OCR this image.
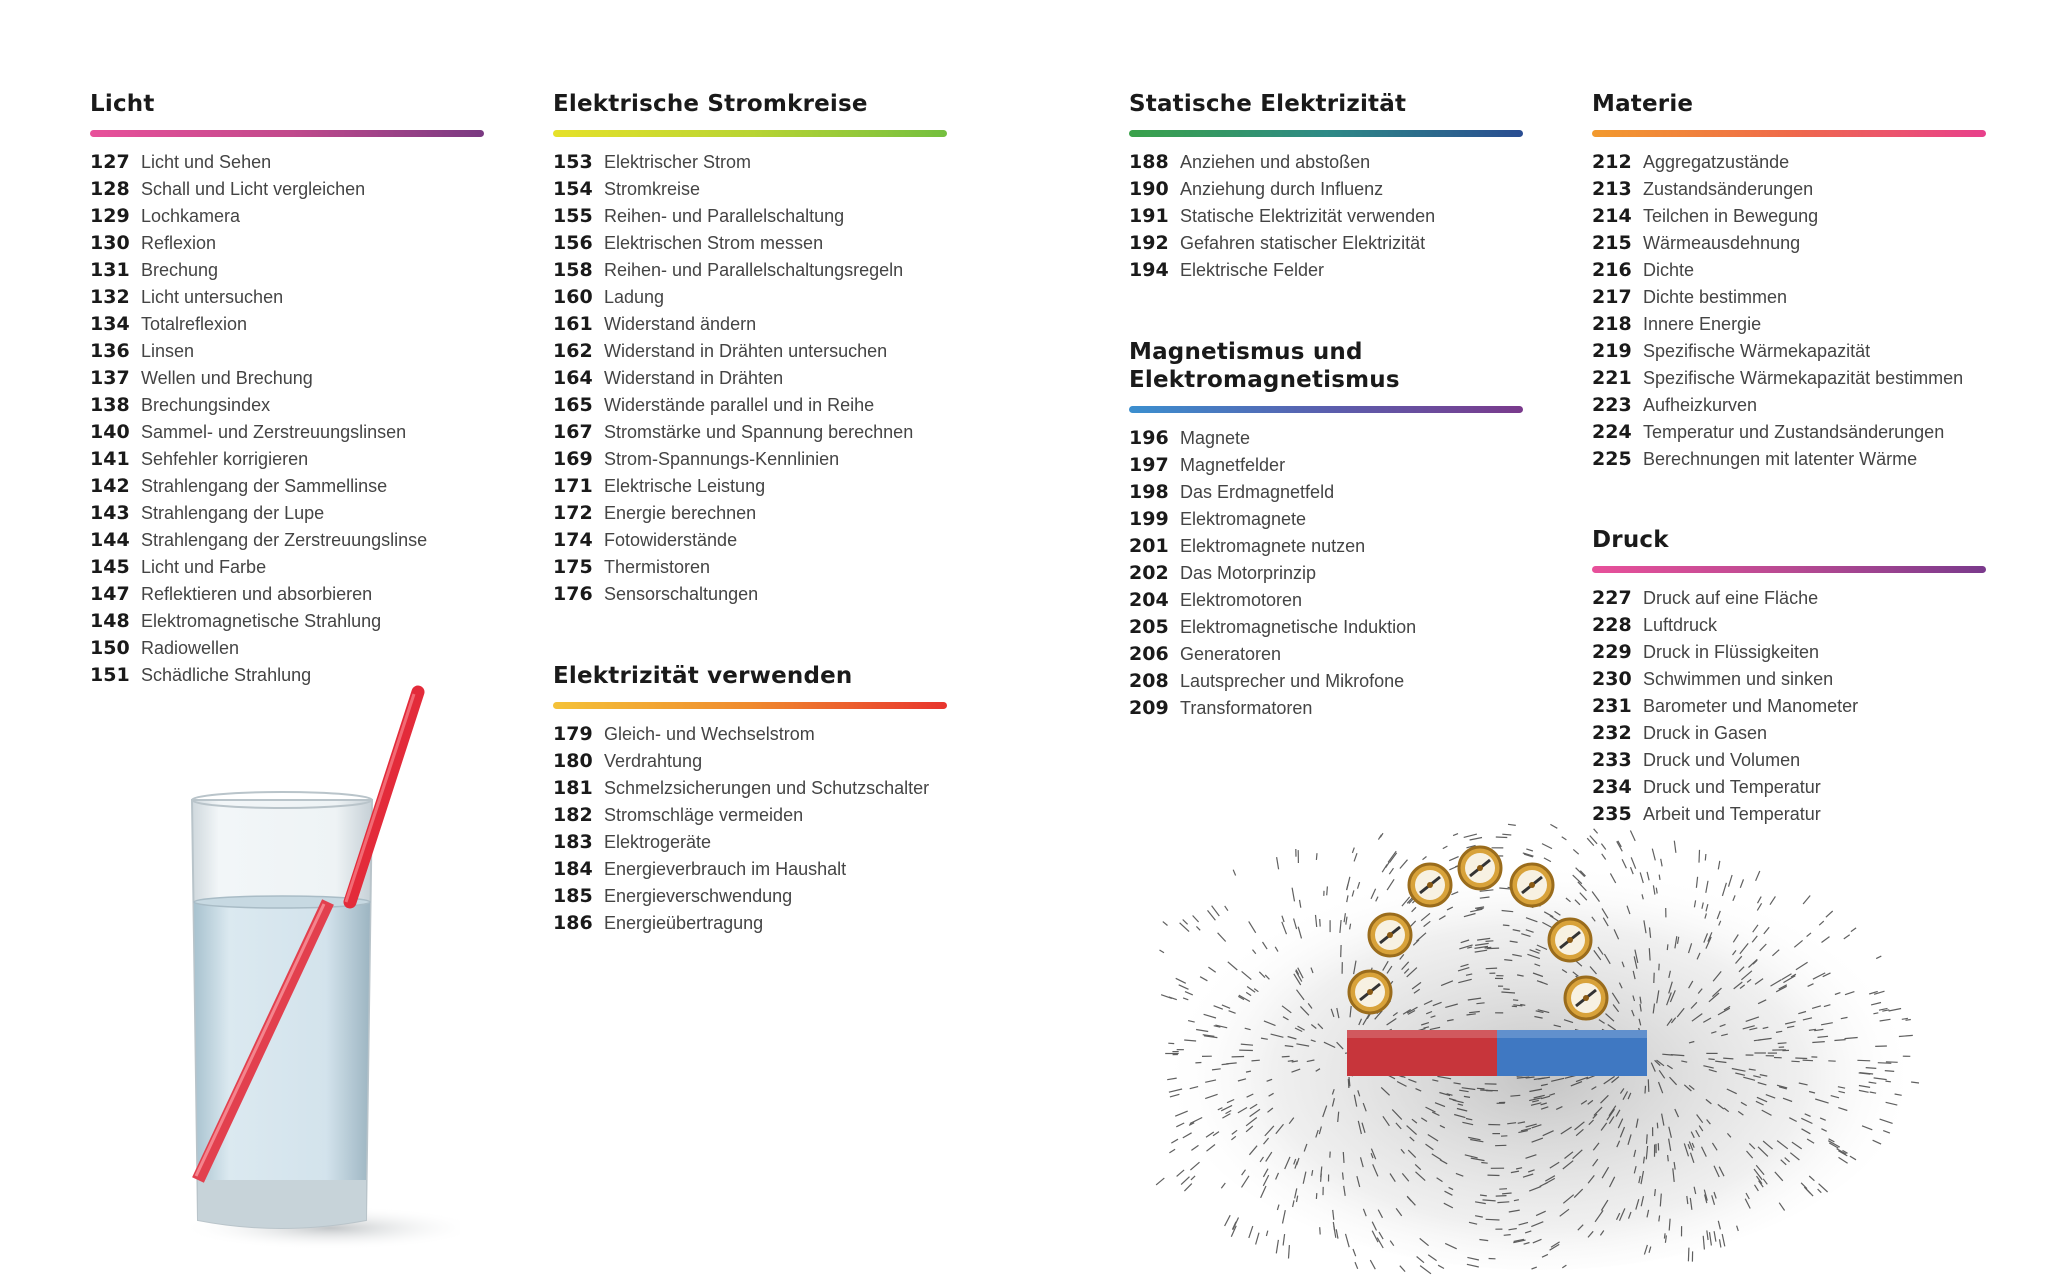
Licht
127 Licht und Sehen
128 Schall und Licht vergleichen
129 Lochkamera
130 Reflexion
131 Brechung
132 Licht untersuchen
134 Totalreflexion
136 Linsen
137 Wellen und Brechung
138 Brechungsindex
140 Sammel- und Zerstreuungslinsen
141 Sehfehler korrigieren
142 Strahlengang der Sammellinse
143 Strahlengang der Lupe
144 Strahlengang der Zerstreuungslinse
145 Licht und Farbe
147 Reflektieren und absorbieren
148 Elektromagnetische Strahlung
150 Radiowellen
151 Schädliche Strahlung
Elektrische Stromkreise
153 Elektrischer Strom
154 Stromkreise
155 Reihen- und Parallelschaltung
156 Elektrischen Strom messen
158 Reihen- und Parallelschaltungsregeln
160 Ladung
161 Widerstand ändern
162 Widerstand in Drähten untersuchen
164 Widerstand in Drähten
165 Widerstände parallel und in Reihe
167 Stromstärke und Spannung berechnen
169 Strom-Spannungs-Kennlinien
171 Elektrische Leistung
172 Energie berechnen
174 Fotowiderstände
175 Thermistoren
176 Sensorschaltungen
Elektrizität verwenden
179 Gleich- und Wechselstrom
180 Verdrahtung
181 Schmelzsicherungen und Schutzschalter
182 Stromschläge vermeiden
183 Elektrogeräte
184 Energieverbrauch im Haushalt
185 Energieverschwendung
186 Energieübertragung
Statische Elektrizität
188 Anziehen und abstoßen
190 Anziehung durch Influenz
191 Statische Elektrizität verwenden
192 Gefahren statischer Elektrizität
194 Elektrische Felder
Magnetismus und
Elektromagnetismus
196 Magnete
197 Magnetfelder
198 Das Erdmagnetfeld
199 Elektromagnete
201 Elektromagnete nutzen
202 Das Motorprinzip
204 Elektromotoren
205 Elektromagnetische Induktion
206 Generatoren
208 Lautsprecher und Mikrofone
209 Transformatoren
Materie
212 Aggregatzustände
213 Zustandsänderungen
214 Teilchen in Bewegung
215 Wärmeausdehnung
216 Dichte
217 Dichte bestimmen
218 Innere Energie
219 Spezifische Wärmekapazität
221 Spezifische Wärmekapazität bestimmen
223 Aufheizkurven
224 Temperatur und Zustandsänderungen
225 Berechnungen mit latenter Wärme
Druck
227 Druck auf eine Fläche
228 Luftdruck
229 Druck in Flüssigkeiten
230 Schwimmen und sinken
231 Barometer und Manometer
232 Druck in Gasen
233 Druck und Volumen
234 Druck und Temperatur
235 Arbeit und Temperatur
